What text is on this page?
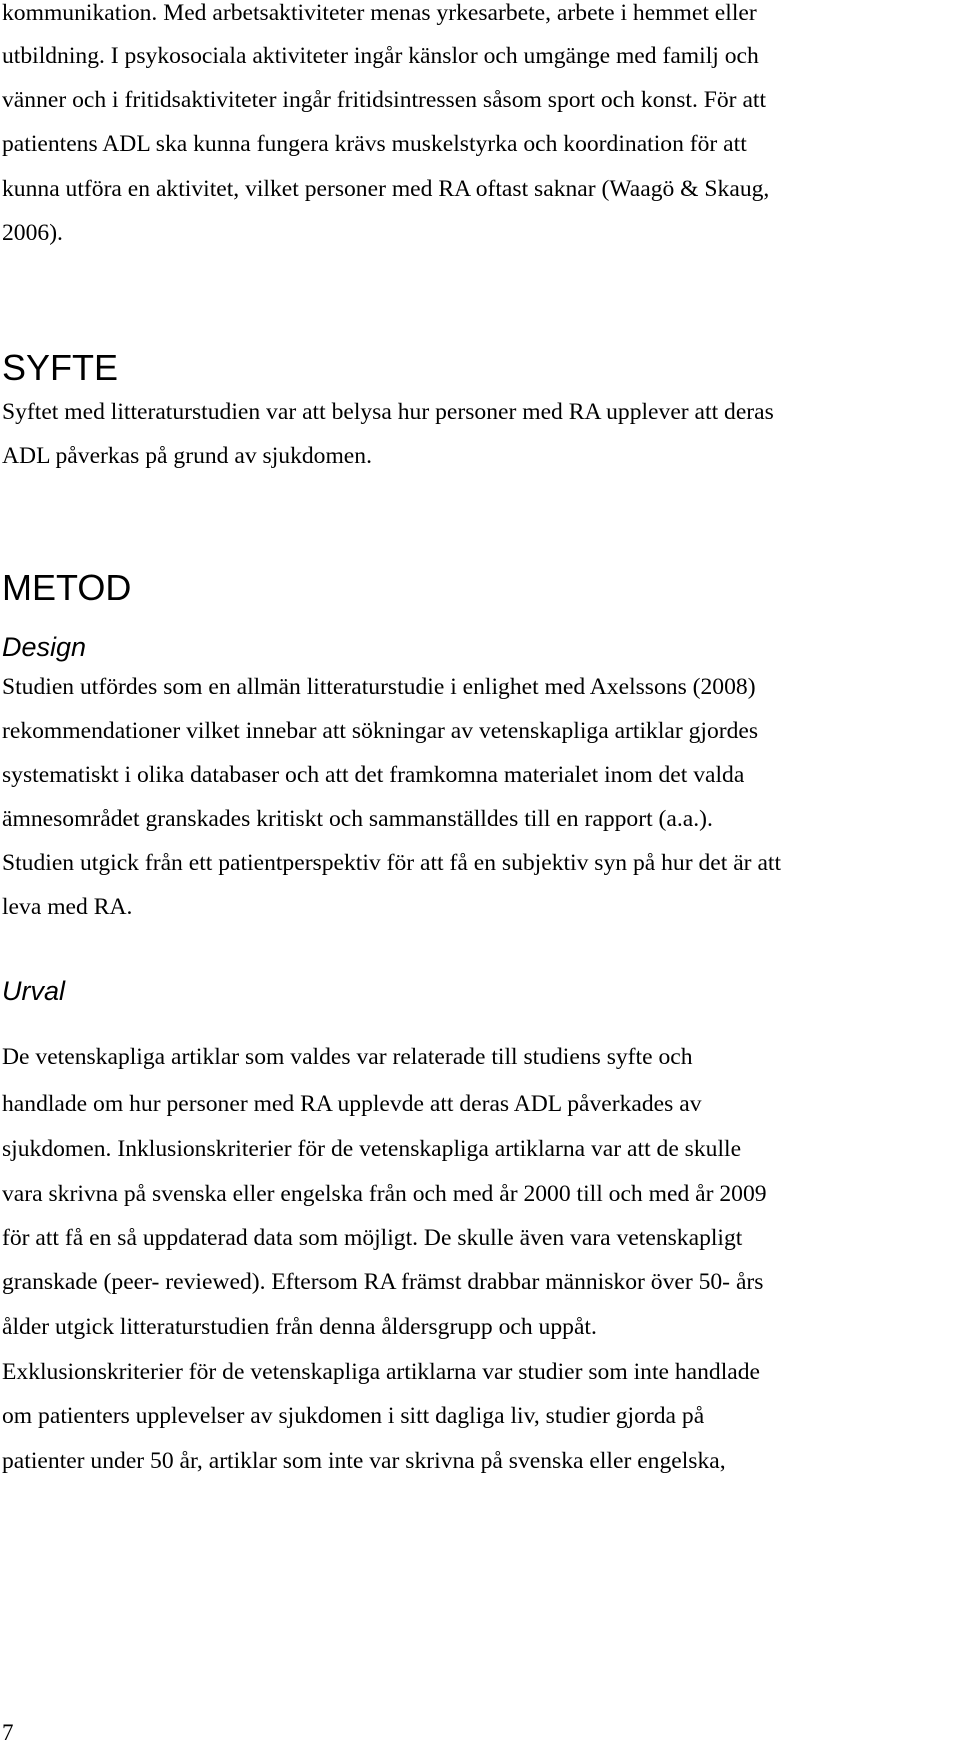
kommunikation. Med arbetsaktiviteter menas yrkesarbete, arbete i hemmet eller

utbildning. I psykosociala aktiviteter ingår känslor och umgänge med familj och

vänner och i fritidsaktiviteter ingår fritidsintressen såsom sport och konst. För att

patientens ADL ska kunna fungera krävs muskelstyrka och koordination för att

kunna utföra en aktivitet, vilket personer med RA oftast saknar (Waagö & Skaug,

2006).

SYFTE

Syftet med litteraturstudien var att belysa hur personer med RA upplever att deras

ADL påverkas på grund av sjukdomen.

METOD
Design

Studien utfördes som en allmän litteraturstudie i enlighet med Axelssons (2008)

rekommendationer vilket innebar att sökningar av vetenskapliga artiklar gjordes

systematiskt i olika databaser och att det framkomna materialet inom det valda

ämnesområdet granskades kritiskt och sammanställdes till en rapport (a.a.).

Studien utgick från ett patientperspektiv för att få en subjektiv syn på hur det är att

leva med RA.

Urval

De vetenskapliga artiklar som valdes var relaterade till studiens syfte och

handlade om hur personer med RA upplevde att deras ADL påverkades av

sjukdomen. Inklusionskriterier för de vetenskapliga artiklarna var att de skulle

vara skrivna på svenska eller engelska från och med år 2000 till och med år 2009

för att få en så uppdaterad data som möjligt. De skulle även vara vetenskapligt

granskade (peer- reviewed). Eftersom RA främst drabbar människor över 50- års

ålder utgick litteraturstudien från denna åldersgrupp och uppåt.

Exklusionskriterier för de vetenskapliga artiklarna var studier som inte handlade

om patienters upplevelser av sjukdomen i sitt dagliga liv, studier gjorda på

patienter under 50 år, artiklar som inte var skrivna på svenska eller engelska,

7
